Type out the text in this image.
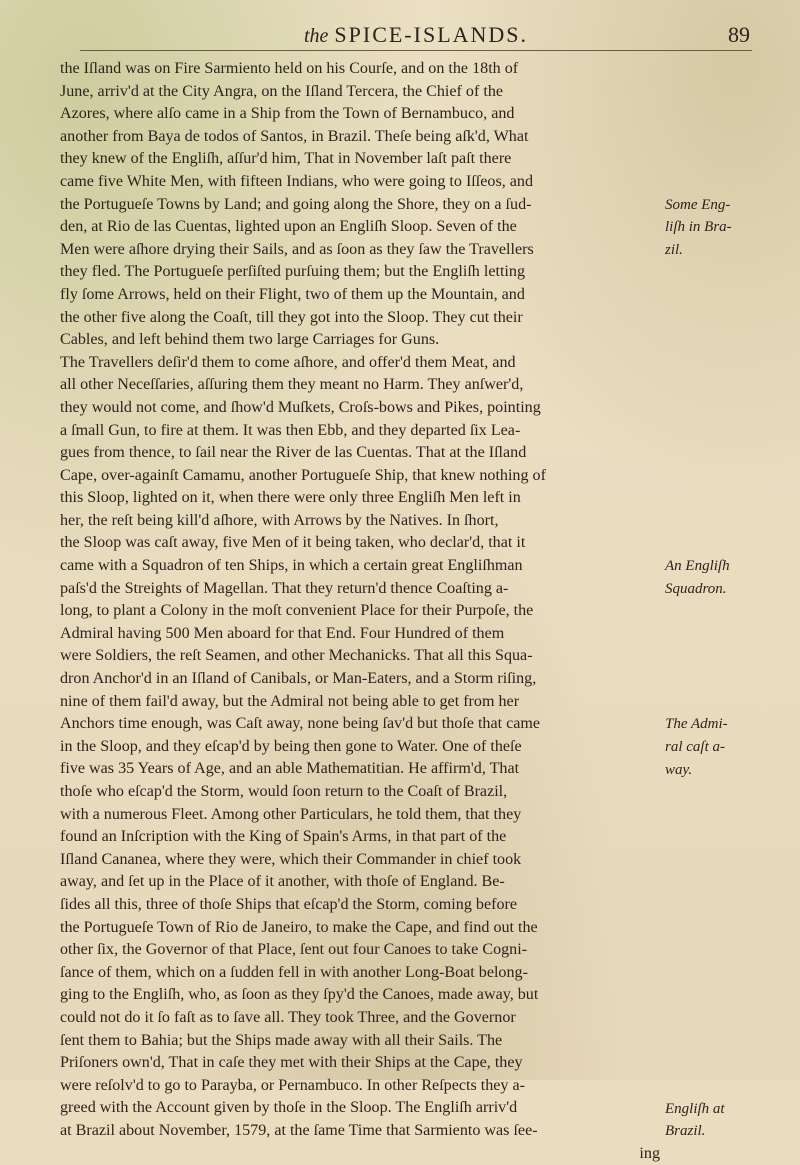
the SPICE-ISLANDS.	89
the Iſland was on Fire Sarmiento held on his Courſe, and on the 18th of
June, arriv'd at the City Angra, on the Iſland Tercera, the Chief of the
Azores, where alſo came in a Ship from the Town of Bernambuco, and
another from Baya de todos of Santos, in Brazil. Theſe being aſk'd, What
they knew of the Engliſh, aſſur'd him, That in November laſt paſt there
came five White Men, with fifteen Indians, who were going to Iſſeos, and
the Portugueſe Towns by Land; and going along the Shore, they on a ſud-
den, at Rio de las Cuentas, lighted upon an Engliſh Sloop. Seven of the
Men were aſhore drying their Sails, and as ſoon as they ſaw the Travellers
they fled. The Portugueſe perſiſted purſuing them; but the Engliſh letting
fly ſome Arrows, held on their Flight, two of them up the Mountain, and
the other five along the Coaſt, till they got into the Sloop. They cut their
Cables, and left behind them two large Carriages for Guns.
The Travellers deſir'd them to come aſhore, and offer'd them Meat, and
all other Neceſſaries, aſſuring them they meant no Harm. They anſwer'd,
they would not come, and ſhow'd Muſkets, Croſs-bows and Pikes, pointing
a ſmall Gun, to fire at them. It was then Ebb, and they departed ſix Lea-
gues from thence, to ſail near the River de las Cuentas. That at the Iſland
Cape, over-againſt Camamu, another Portugueſe Ship, that knew nothing of
this Sloop, lighted on it, when there were only three Engliſh Men left in
her, the reſt being kill'd aſhore, with Arrows by the Natives. In ſhort,
the Sloop was caſt away, five Men of it being taken, who declar'd, that it
came with a Squadron of ten Ships, in which a certain great Engliſhman
paſs'd the Streights of Magellan. That they return'd thence Coaſting a-
long, to plant a Colony in the moſt convenient Place for their Purpoſe, the
Admiral having 500 Men aboard for that End. Four Hundred of them
were Soldiers, the reſt Seamen, and other Mechanicks. That all this Squa-
dron Anchor'd in an Iſland of Canibals, or Man-Eaters, and a Storm riſing,
nine of them fail'd away, but the Admiral not being able to get from her
Anchors time enough, was Caſt away, none being ſav'd but thoſe that came
in the Sloop, and they eſcap'd by being then gone to Water. One of theſe
five was 35 Years of Age, and an able Mathematitian. He affirm'd, That
thoſe who eſcap'd the Storm, would ſoon return to the Coaſt of Brazil,
with a numerous Fleet. Among other Particulars, he told them, that they
found an Inſcription with the King of Spain's Arms, in that part of the
Iſland Cananea, where they were, which their Commander in chief took
away, and ſet up in the Place of it another, with thoſe of England. Be-
ſides all this, three of thoſe Ships that eſcap'd the Storm, coming before
the Portugueſe Town of Rio de Janeiro, to make the Cape, and find out the
other ſix, the Governor of that Place, ſent out four Canoes to take Cogni-
ſance of them, which on a ſudden fell in with another Long-Boat belong-
ging to the Engliſh, who, as ſoon as they ſpy'd the Canoes, made away, but
could not do it ſo faſt as to ſave all. They took Three, and the Governor
ſent them to Bahia; but the Ships made away with all their Sails. The
Priſoners own'd, That in caſe they met with their Ships at the Cape, they
were reſolv'd to go to Parayba, or Pernambuco. In other Reſpects they a-
greed with the Account given by thoſe in the Sloop. The Engliſh arriv'd
at Brazil about November, 1579, at the ſame Time that Sarmiento was ſee-
ing
Some Eng-
liſh in Bra-
zil.
An Engliſh
Squadron.
The Admi-
ral caſt a-
way.
Engliſh at
Brazil.
